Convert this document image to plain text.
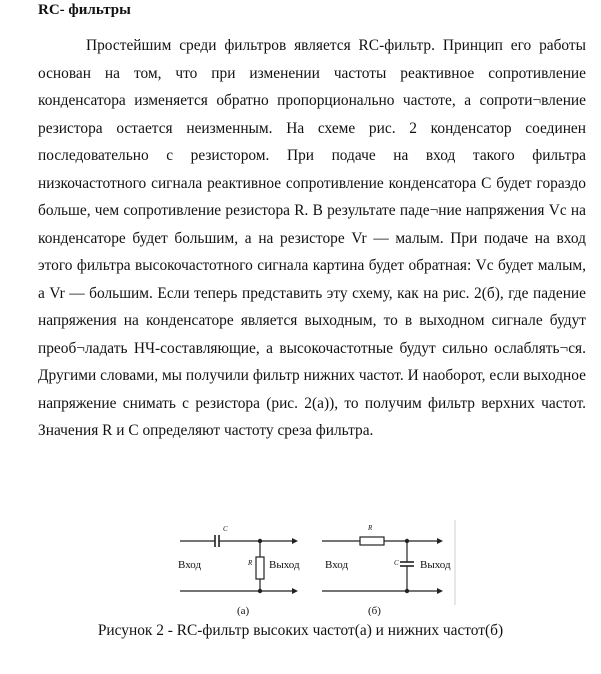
RC- фильтры

Простейшим среди фильтров является RC-фильтр. Принцип его работы основан на том, что при изменении частоты реактивное сопротивление конденсатора изменяется обратно пропорционально частоте, а сопроти¬вление резистора остается неизменным. На схеме рис. 2 конденсатор соединен последовательно с резистором. При подаче на вход такого фильтра низкочастотного сигнала реактивное сопротивление конденсатора C будет гораздо больше, чем сопротивление резистора R. В результате паде¬ние напряжения Vc на конденсаторе будет большим, а на резисторе Vr — малым. При подаче на вход этого фильтра высокочастотного сигнала картина будет обратная: Vc будет малым, а Vr — большим. Если теперь представить эту схему, как на рис. 2(б), где падение напряжения на конденсаторе является выходным, то в выходном сигнале будут преоб¬ладать НЧ-составляющие, а высокочастотные будут сильно ослаблять¬ся. Другими словами, мы получили фильтр нижних частот. И наоборот, если выходное напряжение снимать с резистора (рис. 2(а)), то получим фильтр верхних частот. Значения R и C определяют частоту среза фильтра.

C
R
Вход	Выход
(а)
R
C
Вход	Выход
(б)

Рисунок 2 - RC-фильтр высоких частот(а) и нижних частот(б)
